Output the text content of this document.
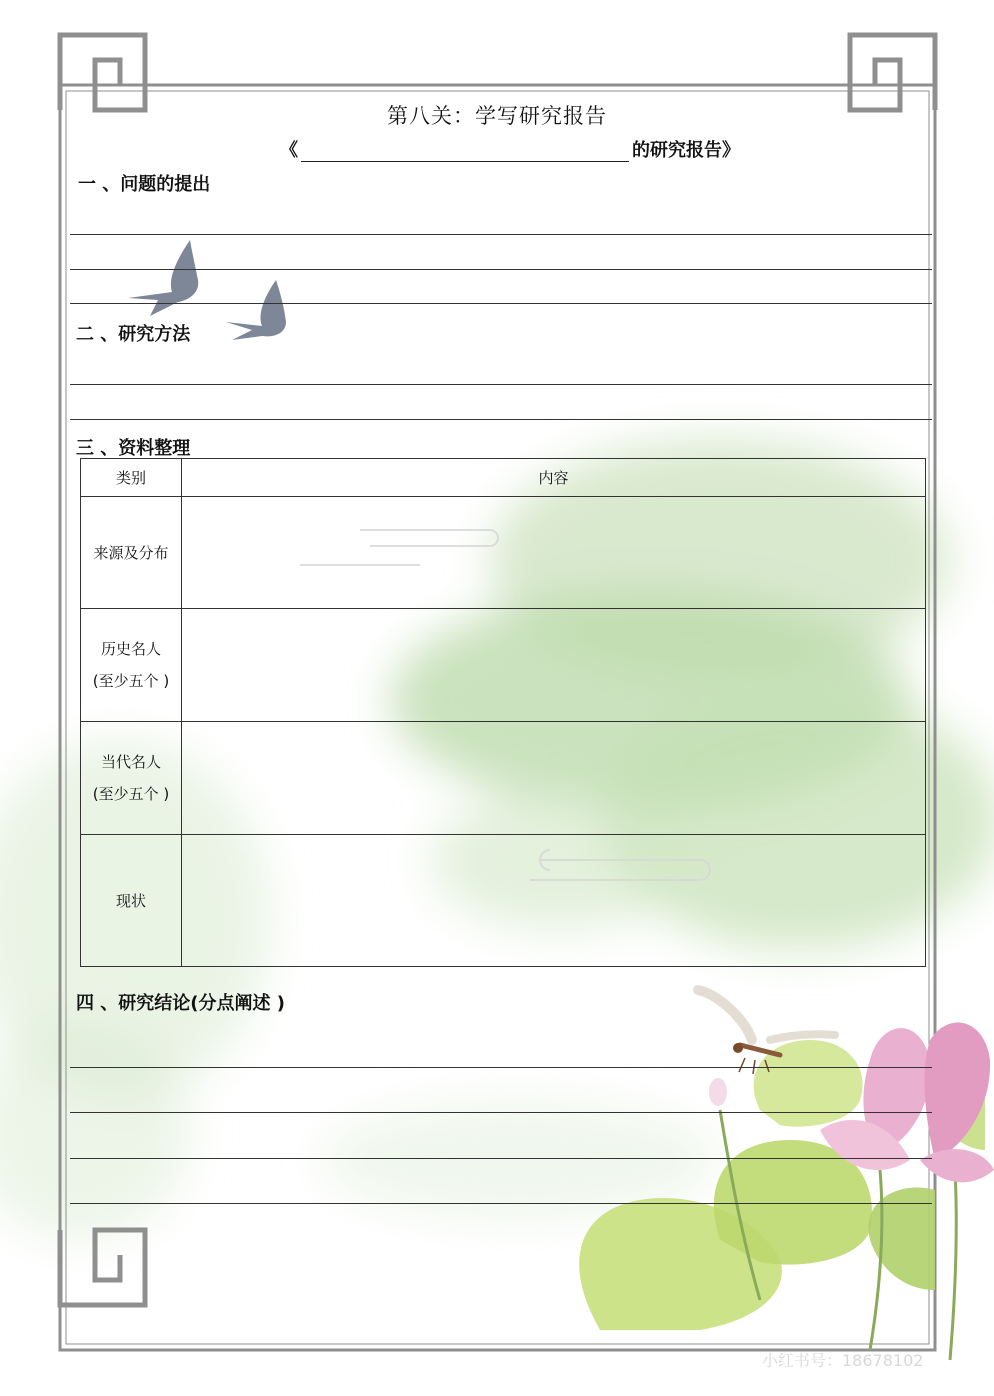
第八关：学写研究报告
《	的研究报告》
一 、问题的提出
二 、研究方法
三 、资料整理
类别	内容

来源及分布	

历史名人
(至少五个 )	

当代名人
(至少五个 )	

现状	

四 、研究结论(分点阐述 )
小红书号：18678102
